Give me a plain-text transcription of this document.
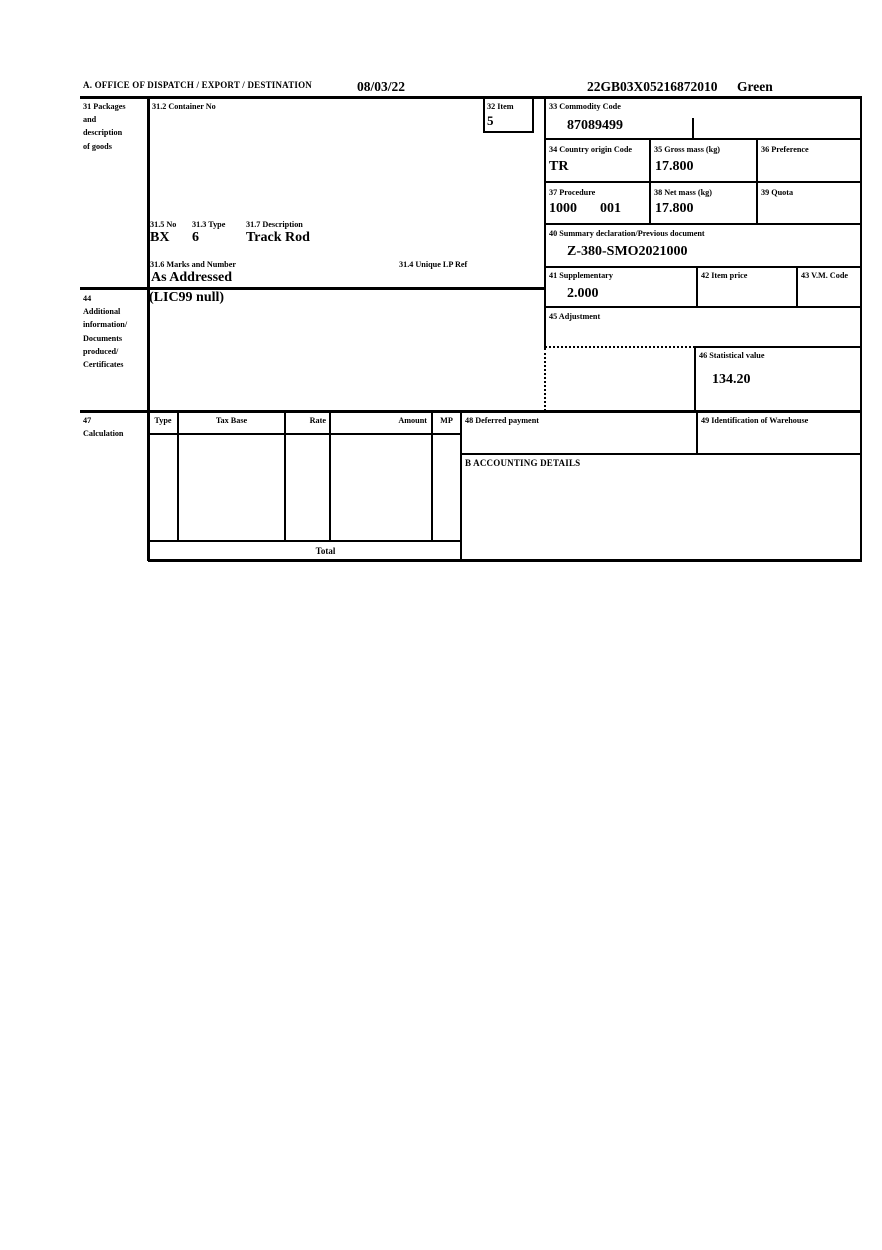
A. OFFICE OF DISPATCH / EXPORT / DESTINATION	08/03/22	22GB03X05216872010 Green
31 Packages
and
description
of goods
31.2 Container No	32 Item
5
31.5 No 31.3 Type	31.7 Description
BX 6	Track Rod
31.6 Marks and Number	31.4 Unique LP Ref
As Addressed
33 Commodity Code
87089499
34 Country origin Code
TR
35 Gross mass (kg)
17.800
36 Preference
37 Procedure
1000 001
38 Net mass (kg)
17.800
39 Quota
40 Summary declaration/Previous document
Z-380-SMO2021000
41 Supplementary
2.000
42 Item price	43 V.M. Code
45 Adjustment
46 Statistical value
134.20
44
Additional
information/
Documents
produced/
Certificates
(LIC99 null)
47
Calculation
Type	Tax Base	Rate	Amount	MP	48 Deferred payment	49 Identification of Warehouse
B ACCOUNTING DETAILS
Total
